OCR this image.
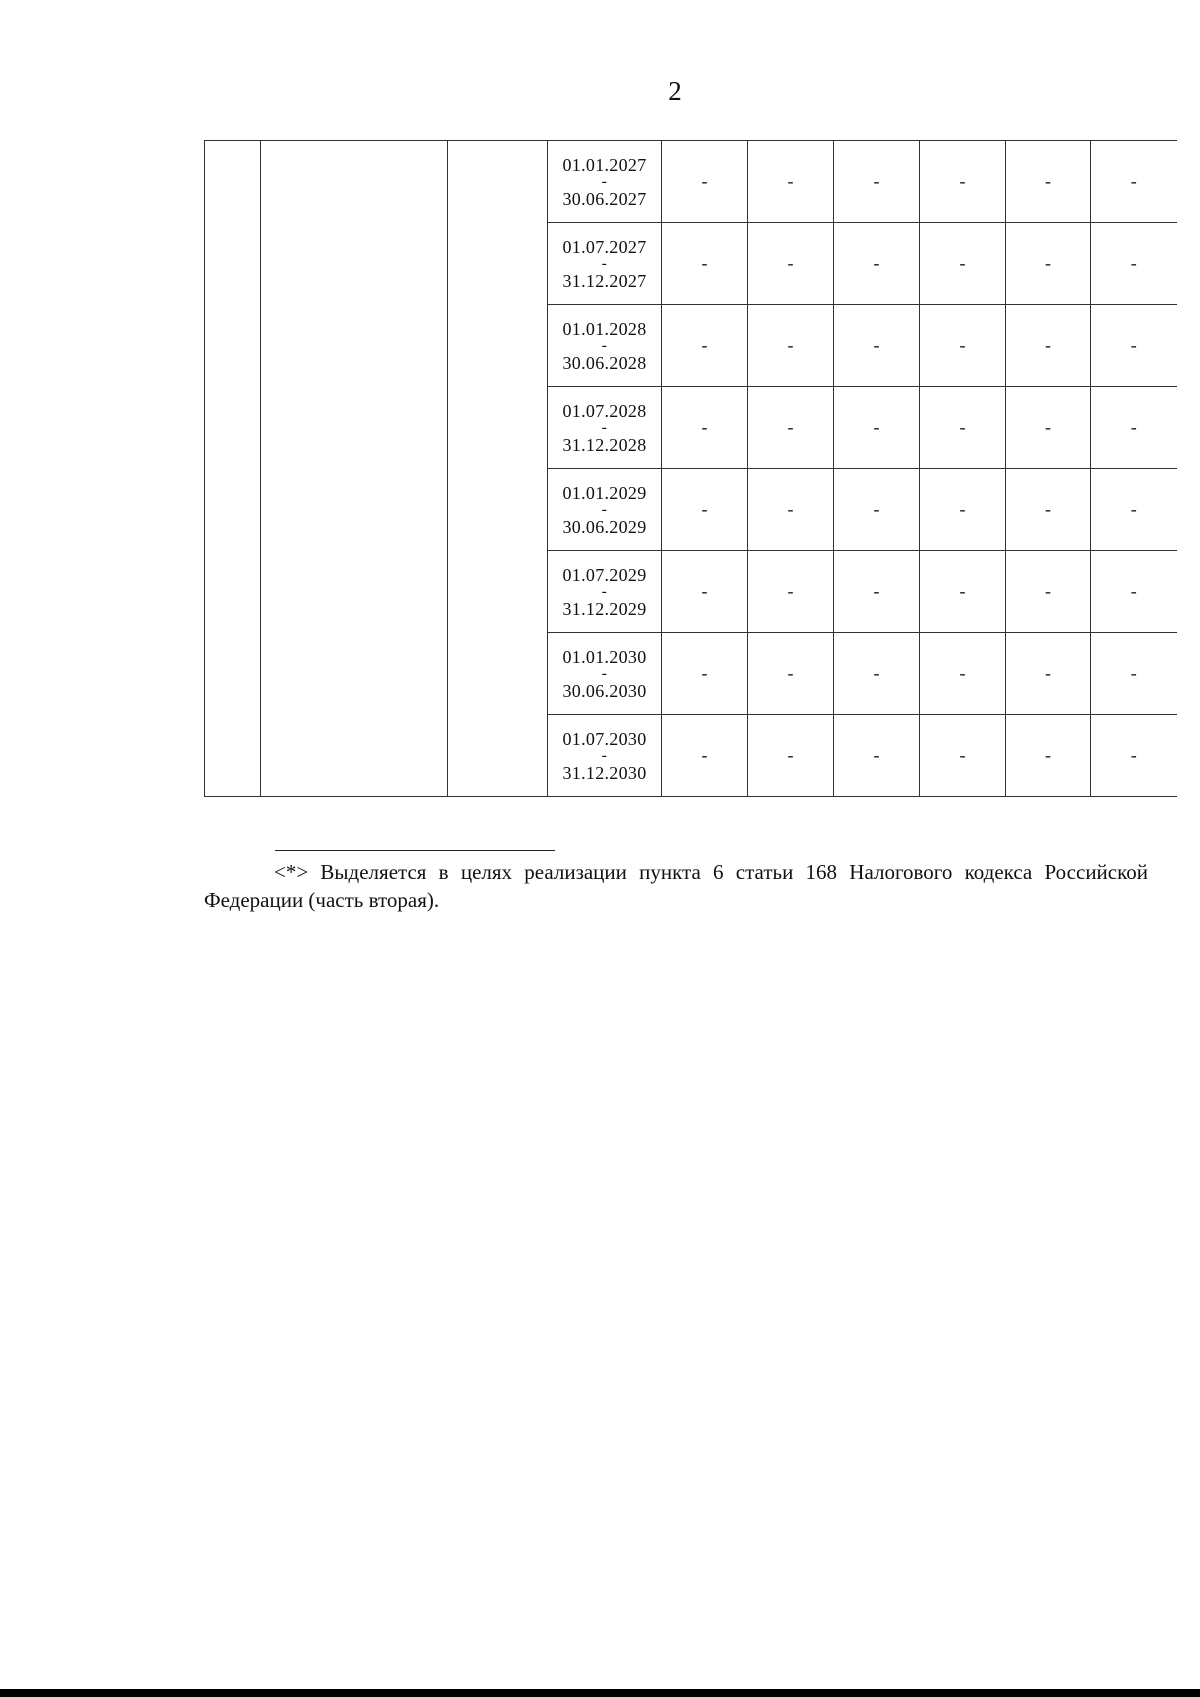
2

			01.01.2027
-
30.06.2027	-	-	-	-	-	-

			01.07.2027
-
31.12.2027	-	-	-	-	-	-

			01.01.2028
-
30.06.2028	-	-	-	-	-	-

			01.07.2028
-
31.12.2028	-	-	-	-	-	-

			01.01.2029
-
30.06.2029	-	-	-	-	-	-

			01.07.2029
-
31.12.2029	-	-	-	-	-	-

			01.01.2030
-
30.06.2030	-	-	-	-	-	-

			01.07.2030
-
31.12.2030	-	-	-	-	-	-
<*> Выделяется в целях реализации пункта 6 статьи 168 Налогового кодекса Российской Федерации (часть вторая).
